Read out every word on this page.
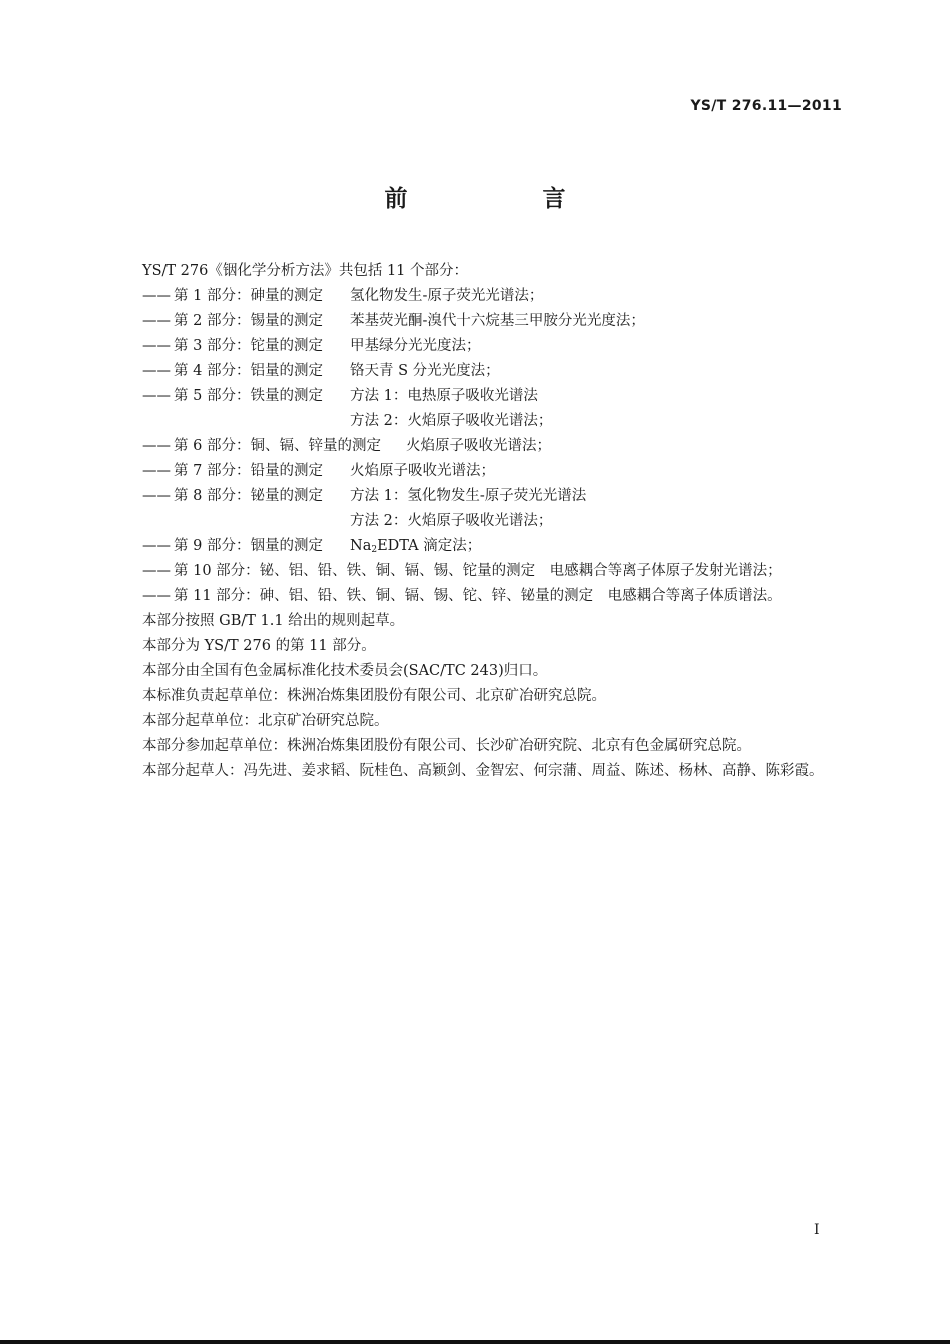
YS/T 276.11—2011
前　言
YS/T 276《铟化学分析方法》共包括 11 个部分：
—— 第 1 部分：砷量的测定 氢化物发生-原子荧光光谱法；
—— 第 2 部分：锡量的测定 苯基荧光酮-溴代十六烷基三甲胺分光光度法；
—— 第 3 部分：铊量的测定 甲基绿分光光度法；
—— 第 4 部分：铝量的测定 铬天青 S 分光光度法；
—— 第 5 部分：铁量的测定 方法 1：电热原子吸收光谱法
方法 2：火焰原子吸收光谱法；
—— 第 6 部分：铜、镉、锌量的测定 火焰原子吸收光谱法；
—— 第 7 部分：铅量的测定 火焰原子吸收光谱法；
—— 第 8 部分：铋量的测定 方法 1：氢化物发生-原子荧光光谱法
方法 2：火焰原子吸收光谱法；
—— 第 9 部分：铟量的测定 $Na_2EDTA$ 滴定法；
—— 第 10 部分：铋、铝、铅、铁、铜、镉、锡、铊量的测定　 电感耦合等离子体原子发射光谱法；
—— 第 11 部分：砷、铝、铅、铁、铜、镉、锡、铊、锌、铋量的测定　 电感耦合等离子体质谱法。
本部分按照 GB/T 1.1 给出的规则起草。
本部分为 YS/T 276 的第 11 部分。
本部分由全国有色金属标准化技术委员会(SAC/TC 243)归口。
本标准负责起草单位：株洲冶炼集团股份有限公司、北京矿冶研究总院。
本部分起草单位：北京矿冶研究总院。
本部分参加起草单位：株洲冶炼集团股份有限公司、长沙矿冶研究院、北京有色金属研究总院。
本部分起草人：冯先进、姜求韬、阮桂色、高颖剑、金智宏、何宗蒲、周益、陈述、杨林、高静、陈彩霞。
I
